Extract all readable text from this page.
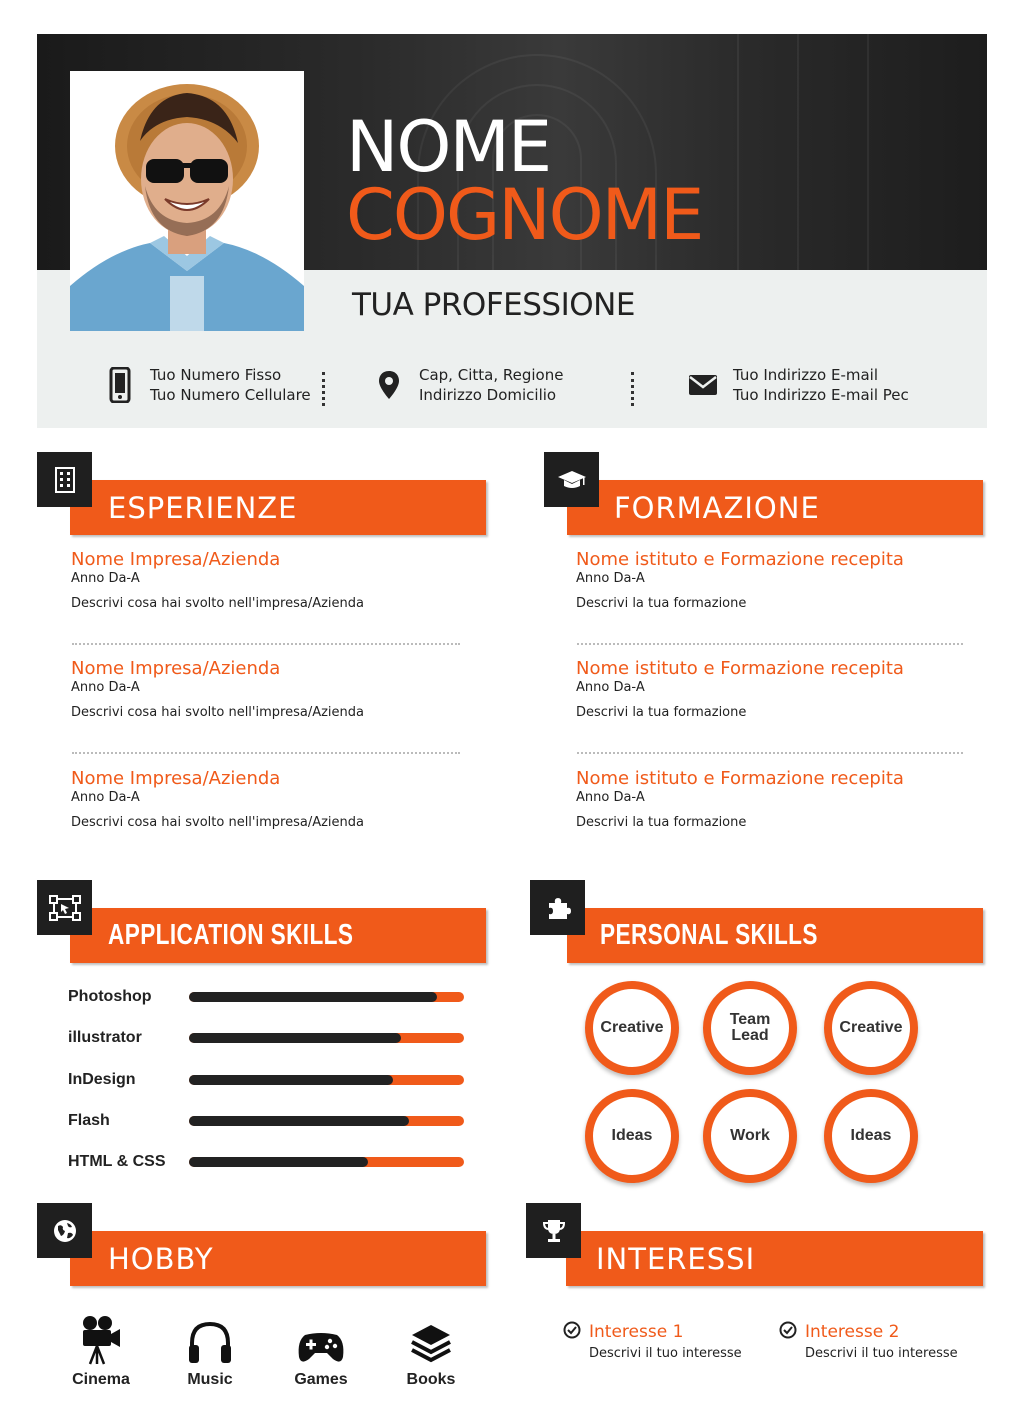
NOME
COGNOME
TUA PROFESSIONE
Tuo Numero Fisso
Tuo Numero Cellulare
Cap, Citta, Regione
Indirizzo Domicilio
Tuo Indirizzo E-mail
Tuo Indirizzo E-mail Pec
ESPERIENZE
Nome Impresa/Azienda
Anno Da-A
Descrivi cosa hai svolto nell'impresa/Azienda
Nome Impresa/Azienda
Anno Da-A
Descrivi cosa hai svolto nell'impresa/Azienda
Nome Impresa/Azienda
Anno Da-A
Descrivi cosa hai svolto nell'impresa/Azienda
FORMAZIONE
Nome istituto e Formazione recepita
Anno Da-A
Descrivi la tua formazione
Nome istituto e Formazione recepita
Anno Da-A
Descrivi la tua formazione
Nome istituto e Formazione recepita
Anno Da-A
Descrivi la tua formazione
APPLICATION SKILLS
Photoshop
illustrator
InDesign
Flash
HTML & CSS
PERSONAL SKILLS
Creative	Team
Lead	Creative
Ideas	Work	Ideas
HOBBY
Cinema	Music	Games	Books
INTERESSI
Interesse 1
Descrivi il tuo interesse
Interesse 2
Descrivi il tuo interesse
